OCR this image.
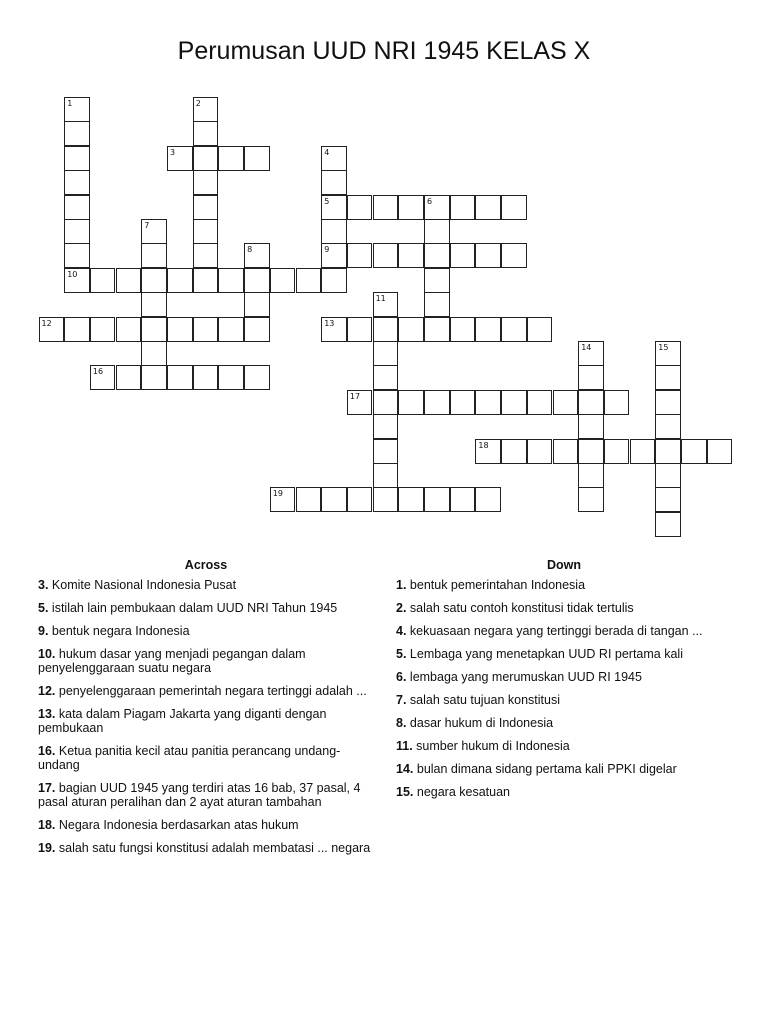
Perumusan UUD NRI 1945 KELAS X
1
10
2
3	4
5
9
6
7
8
11
12	13
14	15
16
17
18
19
Across
3. Komite Nasional Indonesia Pusat
5. istilah lain pembukaan dalam UUD NRI Tahun 1945
9. bentuk negara Indonesia
10. hukum dasar yang menjadi pegangan dalam penyelenggaraan suatu negara
12. penyelenggaraan pemerintah negara tertinggi adalah ...
13. kata dalam Piagam Jakarta yang diganti dengan pembukaan
16. Ketua panitia kecil atau panitia perancang undang-undang
17. bagian UUD 1945 yang terdiri atas 16 bab, 37 pasal, 4 pasal aturan peralihan dan 2 ayat aturan tambahan
18. Negara Indonesia berdasarkan atas hukum
19. salah satu fungsi konstitusi adalah membatasi ... negara
Down
1. bentuk pemerintahan Indonesia
2. salah satu contoh konstitusi tidak tertulis
4. kekuasaan negara yang tertinggi berada di tangan ...
5. Lembaga yang menetapkan UUD RI pertama kali
6. lembaga yang merumuskan UUD RI 1945
7. salah satu tujuan konstitusi
8. dasar hukum di Indonesia
11. sumber hukum di Indonesia
14. bulan dimana sidang pertama kali PPKI digelar
15. negara kesatuan
